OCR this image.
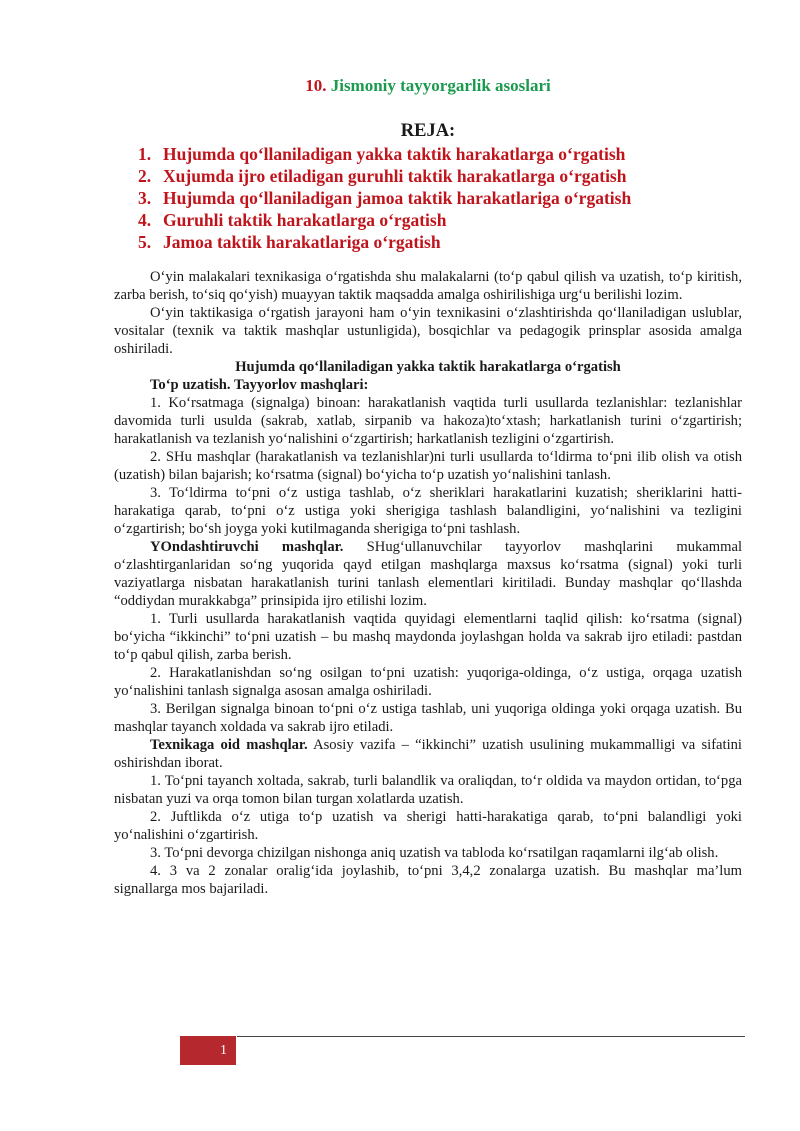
10. Jismoniy tayyorgarlik asoslari
REJA:
1. Hujumda qo‘llaniladigan yakka taktik harakatlarga o‘rgatish
2. Xujumda ijro etiladigan guruhli taktik harakatlarga o‘rgatish
3. Hujumda qo‘llaniladigan jamoa taktik harakatlariga o‘rgatish
4. Guruhli taktik harakatlarga o‘rgatish
5. Jamoa taktik harakatlariga o‘rgatish

O‘yin malakalari texnikasiga o‘rgatishda shu malakalarni (to‘p qabul qilish va uzatish, to‘p kiritish, zarba berish, to‘siq qo‘yish) muayyan taktik maqsadda amalga oshirilishiga urg‘u berilishi lozim.

O‘yin taktikasiga o‘rgatish jarayoni ham o‘yin texnikasini o‘zlashtirishda qo‘llaniladigan uslublar, vositalar (texnik va taktik mashqlar ustunligida), bosqichlar va pedagogik prinsplar asosida amalga oshiriladi.

Hujumda qo‘llaniladigan yakka taktik harakatlarga o‘rgatish

To‘p uzatish. Tayyorlov mashqlari:

1. Ko‘rsatmaga (signalga) binoan: harakatlanish vaqtida turli usullarda tezlanishlar: tezlanishlar davomida turli usulda (sakrab, xatlab, sirpanib va hakoza)to‘xtash; harkatlanish turini o‘zgartirish; harakatlanish va tezlanish yo‘nalishini o‘zgartirish; harkatlanish tezligini o‘zgartirish.

2. SHu mashqlar (harakatlanish va tezlanishlar)ni turli usullarda to‘ldirma to‘pni ilib olish va otish (uzatish) bilan bajarish; ko‘rsatma (signal) bo‘yicha to‘p uzatish yo‘nalishini tanlash.

3. To‘ldirma to‘pni o‘z ustiga tashlab, o‘z sheriklari harakatlarini kuzatish; sheriklarini hatti-harakatiga qarab, to‘pni o‘z ustiga yoki sherigiga tashlash balandligini, yo‘nalishini va tezligini o‘zgartirish; bo‘sh joyga yoki kutilmaganda sherigiga to‘pni tashlash.

YOndashtiruvchi mashqlar. SHug‘ullanuvchilar tayyorlov mashqlarini mukammal o‘zlashtirganlaridan so‘ng yuqorida qayd etilgan mashqlarga maxsus ko‘rsatma (signal) yoki turli vaziyatlarga nisbatan harakatlanish turini tanlash elementlari kiritiladi. Bunday mashqlar qo‘llashda “oddiydan murakkabga” prinsipida ijro etilishi lozim.

1. Turli usullarda harakatlanish vaqtida quyidagi elementlarni taqlid qilish: ko‘rsatma (signal) bo‘yicha “ikkinchi” to‘pni uzatish – bu mashq maydonda joylashgan holda va sakrab ijro etiladi: pastdan to‘p qabul qilish, zarba berish.

2. Harakatlanishdan so‘ng osilgan to‘pni uzatish: yuqoriga-oldinga, o‘z ustiga, orqaga uzatish yo‘nalishini tanlash signalga asosan amalga oshiriladi.

3. Berilgan signalga binoan to‘pni o‘z ustiga tashlab, uni yuqoriga oldinga yoki orqaga uzatish. Bu mashqlar tayanch xoldada va sakrab ijro etiladi.

Texnikaga oid mashqlar. Asosiy vazifa – “ikkinchi” uzatish usulining mukammalligi va sifatini oshirishdan iborat.

1. To‘pni tayanch xoltada, sakrab, turli balandlik va oraliqdan, to‘r oldida va maydon ortidan, to‘pga nisbatan yuzi va orqa tomon bilan turgan xolatlarda uzatish.

2. Juftlikda o‘z utiga to‘p uzatish va sherigi hatti-harakatiga qarab, to‘pni balandligi yoki yo‘nalishini o‘zgartirish.

3. To‘pni devorga chizilgan nishonga aniq uzatish va tabloda ko‘rsatilgan raqamlarni ilg‘ab olish.

4. 3 va 2 zonalar oralig‘ida joylashib, to‘pni 3,4,2 zonalarga uzatish. Bu mashqlar ma’lum signallarga mos bajariladi.

1
